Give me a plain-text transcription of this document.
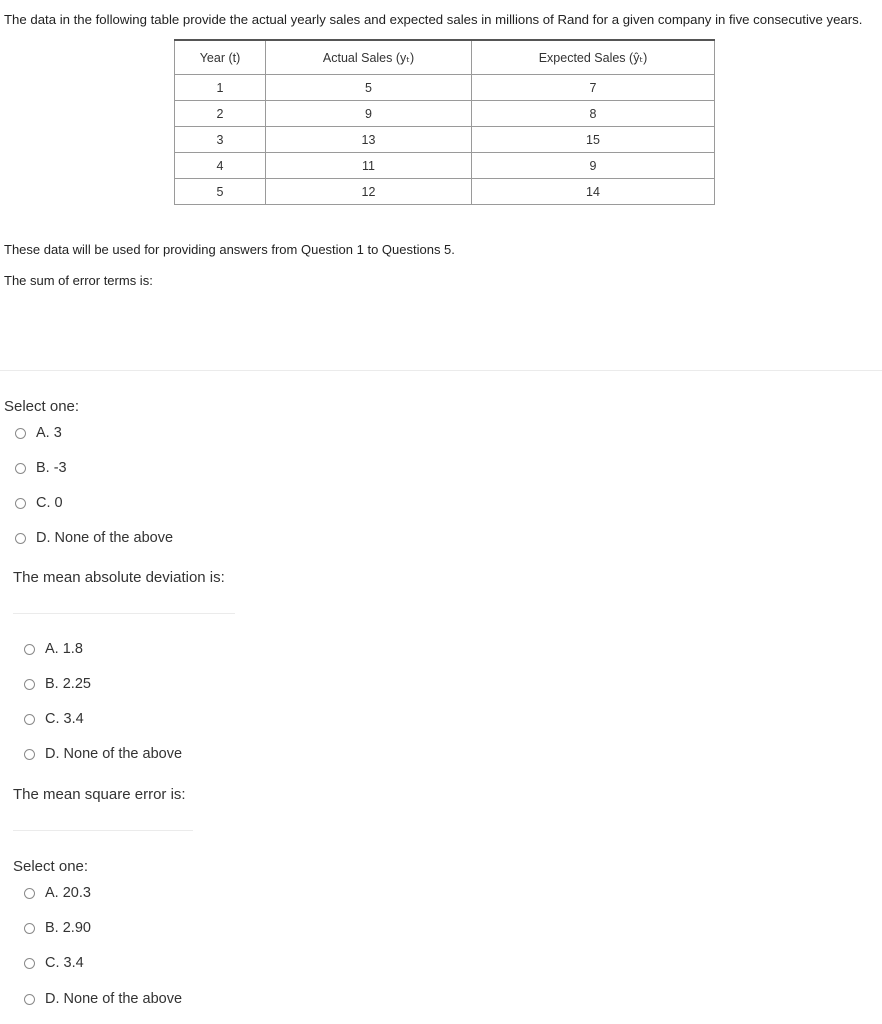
The data in the following table provide the actual yearly sales and expected sales in millions of Rand for a given company in five consecutive years.
Year (t)	Actual Sales (yₜ)	Expected Sales (ŷₜ)
1	5	7
2	9	8
3	13	15
4	11	9
5	12	14
These data will be used for providing answers from Question 1 to Questions 5.
The sum of error terms is:
Select one:
A. 3
B. -3
C. 0
D. None of the above
The mean absolute deviation is:
A. 1.8
B. 2.25
C. 3.4
D. None of the above
The mean square error is:
Select one:
A. 20.3
B. 2.90
C. 3.4
D. None of the above
